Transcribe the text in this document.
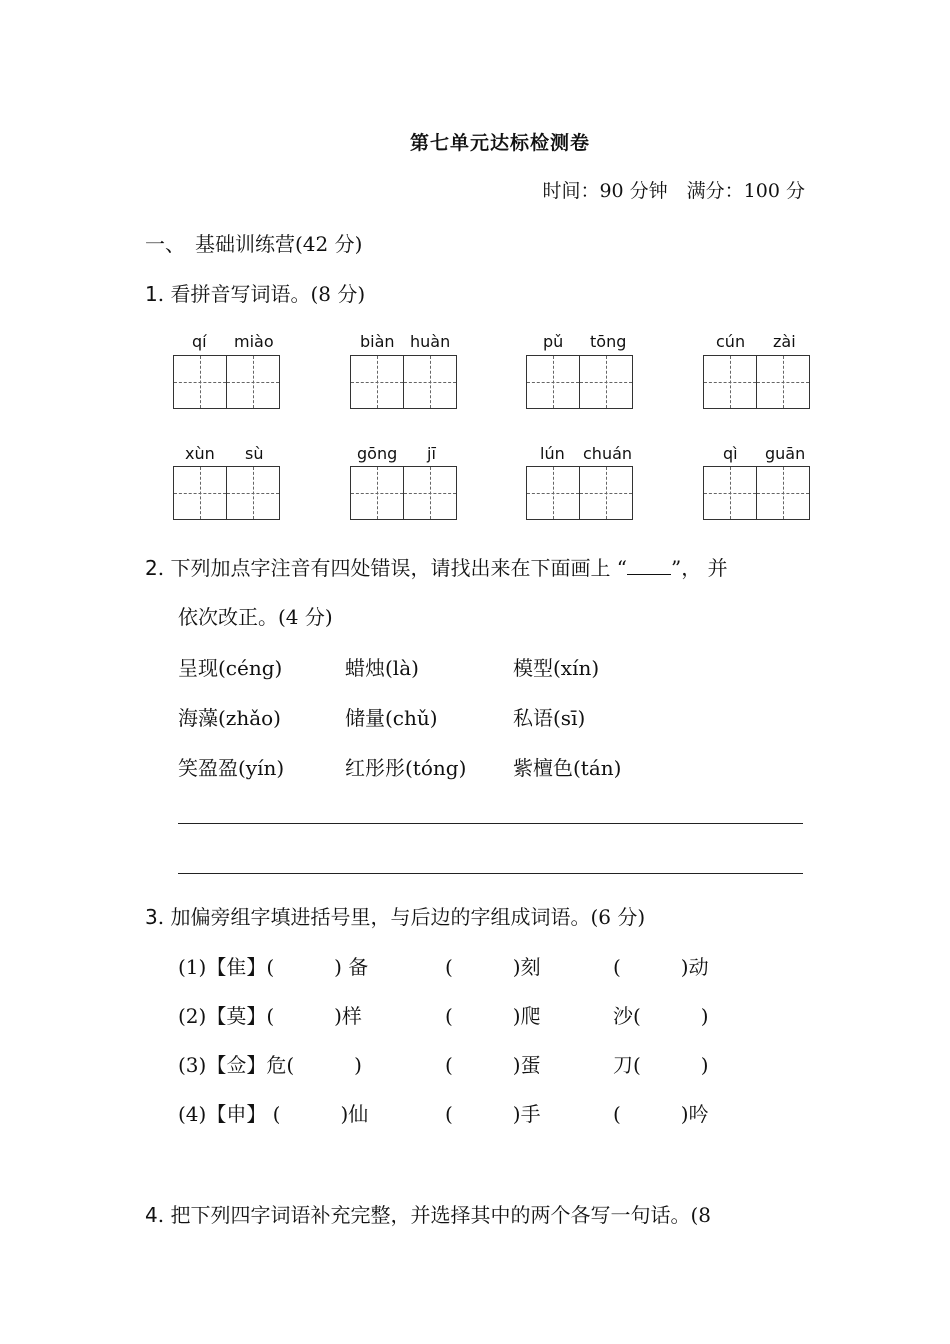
第七单元达标检测卷
时间：90 分钟　满分：100 分
一、　基础训练营(42 分)
1. 看拼音写词语。(8 分)
qí miào	biàn huàn	pǔ tōng	cún zài
xùn sù	gōng jī	lún chuán	qì guān
2. 下列加点字注音有四处错误，请找出来在下面画上 “ ”， 并
依次改正。(4 分)
呈现(céng)	蜡烛(là)	模型(xín)
海藻(zhǎo)	储量(chǔ)	私语(sī)
笑盈盈(yín)	红彤彤(tóng) 紫檀色(tán)
3. 加偏旁组字填进括号里，与后边的字组成词语。(6 分)
(1)【隹】(　　　) 备	(　　　)刻	(　　　)动
(2)【莫】(　　　)样	(　　　)爬	沙(　　　)
(3)【佥】危(　　　)	(　　　)蛋	刀(　　　)
(4)【申】 (　　　)仙	(　　　)手	(　　　)吟
4. 把下列四字词语补充完整，并选择其中的两个各写一句话。(8
